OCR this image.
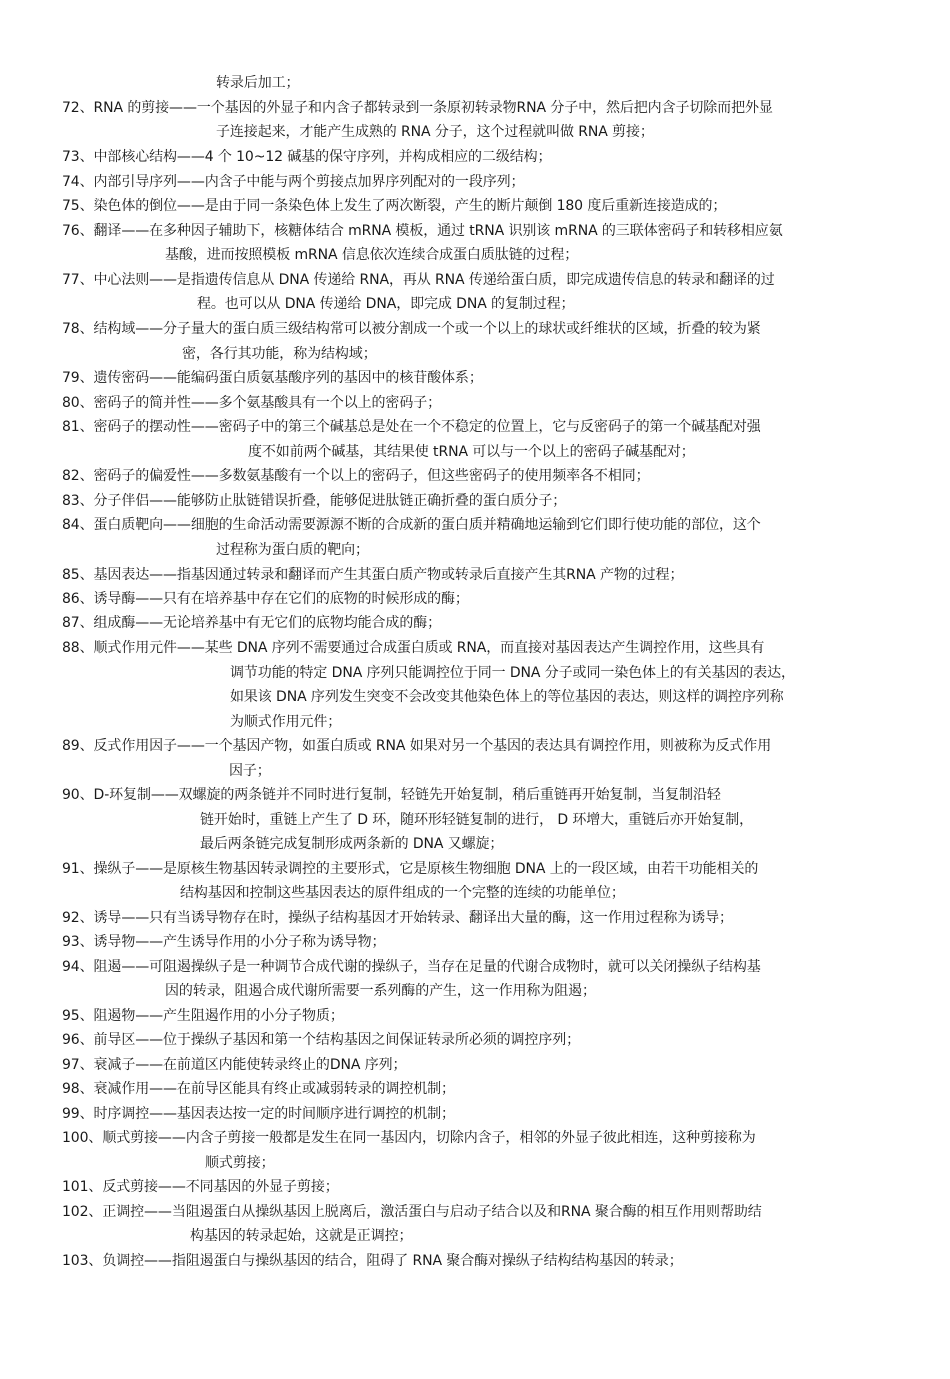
转录后加工；
72、RNA 的剪接——一个基因的外显子和内含子都转录到一条原初转录物RNA 分子中，然后把内含子切除而把外显
子连接起来，才能产生成熟的 RNA 分子，这个过程就叫做 RNA 剪接；
73、中部核心结构——4 个 10~12 碱基的保守序列，并构成相应的二级结构；
74、内部引导序列——内含子中能与两个剪接点加界序列配对的一段序列；
75、染色体的倒位——是由于同一条染色体上发生了两次断裂，产生的断片颠倒 180 度后重新连接造成的；
76、翻译——在多种因子辅助下，核糖体结合 mRNA 模板，通过 tRNA 识别该 mRNA 的三联体密码子和转移相应氨
基酸，进而按照模板 mRNA 信息依次连续合成蛋白质肽链的过程；
77、中心法则——是指遗传信息从 DNA 传递给 RNA，再从 RNA 传递给蛋白质，即完成遗传信息的转录和翻译的过
程。也可以从 DNA 传递给 DNA，即完成 DNA 的复制过程；
78、结构域——分子量大的蛋白质三级结构常可以被分割成一个或一个以上的球状或纤维状的区域，折叠的较为紧
密，各行其功能，称为结构域；
79、遗传密码——能编码蛋白质氨基酸序列的基因中的核苷酸体系；
80、密码子的简并性——多个氨基酸具有一个以上的密码子；
81、密码子的摆动性——密码子中的第三个碱基总是处在一个不稳定的位置上，它与反密码子的第一个碱基配对强
度不如前两个碱基，其结果使 tRNA 可以与一个以上的密码子碱基配对；
82、密码子的偏爱性——多数氨基酸有一个以上的密码子，但这些密码子的使用频率各不相同；
83、分子伴侣——能够防止肽链错误折叠，能够促进肽链正确折叠的蛋白质分子；
84、蛋白质靶向——细胞的生命活动需要源源不断的合成新的蛋白质并精确地运输到它们即行使功能的部位，这个
过程称为蛋白质的靶向；
85、基因表达——指基因通过转录和翻译而产生其蛋白质产物或转录后直接产生其RNA 产物的过程；
86、诱导酶——只有在培养基中存在它们的底物的时候形成的酶；
87、组成酶——无论培养基中有无它们的底物均能合成的酶；
88、顺式作用元件——某些 DNA 序列不需要通过合成蛋白质或 RNA，而直接对基因表达产生调控作用，这些具有
调节功能的特定 DNA 序列只能调控位于同一 DNA 分子或同一染色体上的有关基因的表达，
如果该 DNA 序列发生突变不会改变其他染色体上的等位基因的表达，则这样的调控序列称
为顺式作用元件；
89、反式作用因子——一个基因产物，如蛋白质或 RNA 如果对另一个基因的表达具有调控作用，则被称为反式作用
因子；
90、D-环复制——双螺旋的两条链并不同时进行复制，轻链先开始复制，稍后重链再开始复制，当复制沿轻
链开始时，重链上产生了 D 环，随环形轻链复制的进行， D 环增大，重链后亦开始复制，
最后两条链完成复制形成两条新的 DNA 又螺旋；
91、操纵子——是原核生物基因转录调控的主要形式，它是原核生物细胞 DNA 上的一段区域，由若干功能相关的
结构基因和控制这些基因表达的原件组成的一个完整的连续的功能单位；
92、诱导——只有当诱导物存在时，操纵子结构基因才开始转录、翻译出大量的酶，这一作用过程称为诱导；
93、诱导物——产生诱导作用的小分子称为诱导物；
94、阻遏——可阻遏操纵子是一种调节合成代谢的操纵子，当存在足量的代谢合成物时，就可以关闭操纵子结构基
因的转录，阻遏合成代谢所需要一系列酶的产生，这一作用称为阻遏；
95、阻遏物——产生阻遏作用的小分子物质；
96、前导区——位于操纵子基因和第一个结构基因之间保证转录所必须的调控序列；
97、衰减子——在前道区内能使转录终止的DNA 序列；
98、衰减作用——在前导区能具有终止或减弱转录的调控机制；
99、时序调控——基因表达按一定的时间顺序进行调控的机制；
100、顺式剪接——内含子剪接一般都是发生在同一基因内，切除内含子，相邻的外显子彼此相连，这种剪接称为
顺式剪接；
101、反式剪接——不同基因的外显子剪接；
102、正调控——当阻遏蛋白从操纵基因上脱离后，激活蛋白与启动子结合以及和RNA 聚合酶的相互作用则帮助结
构基因的转录起始，这就是正调控；
103、负调控——指阻遏蛋白与操纵基因的结合，阻碍了 RNA 聚合酶对操纵子结构结构基因的转录；
